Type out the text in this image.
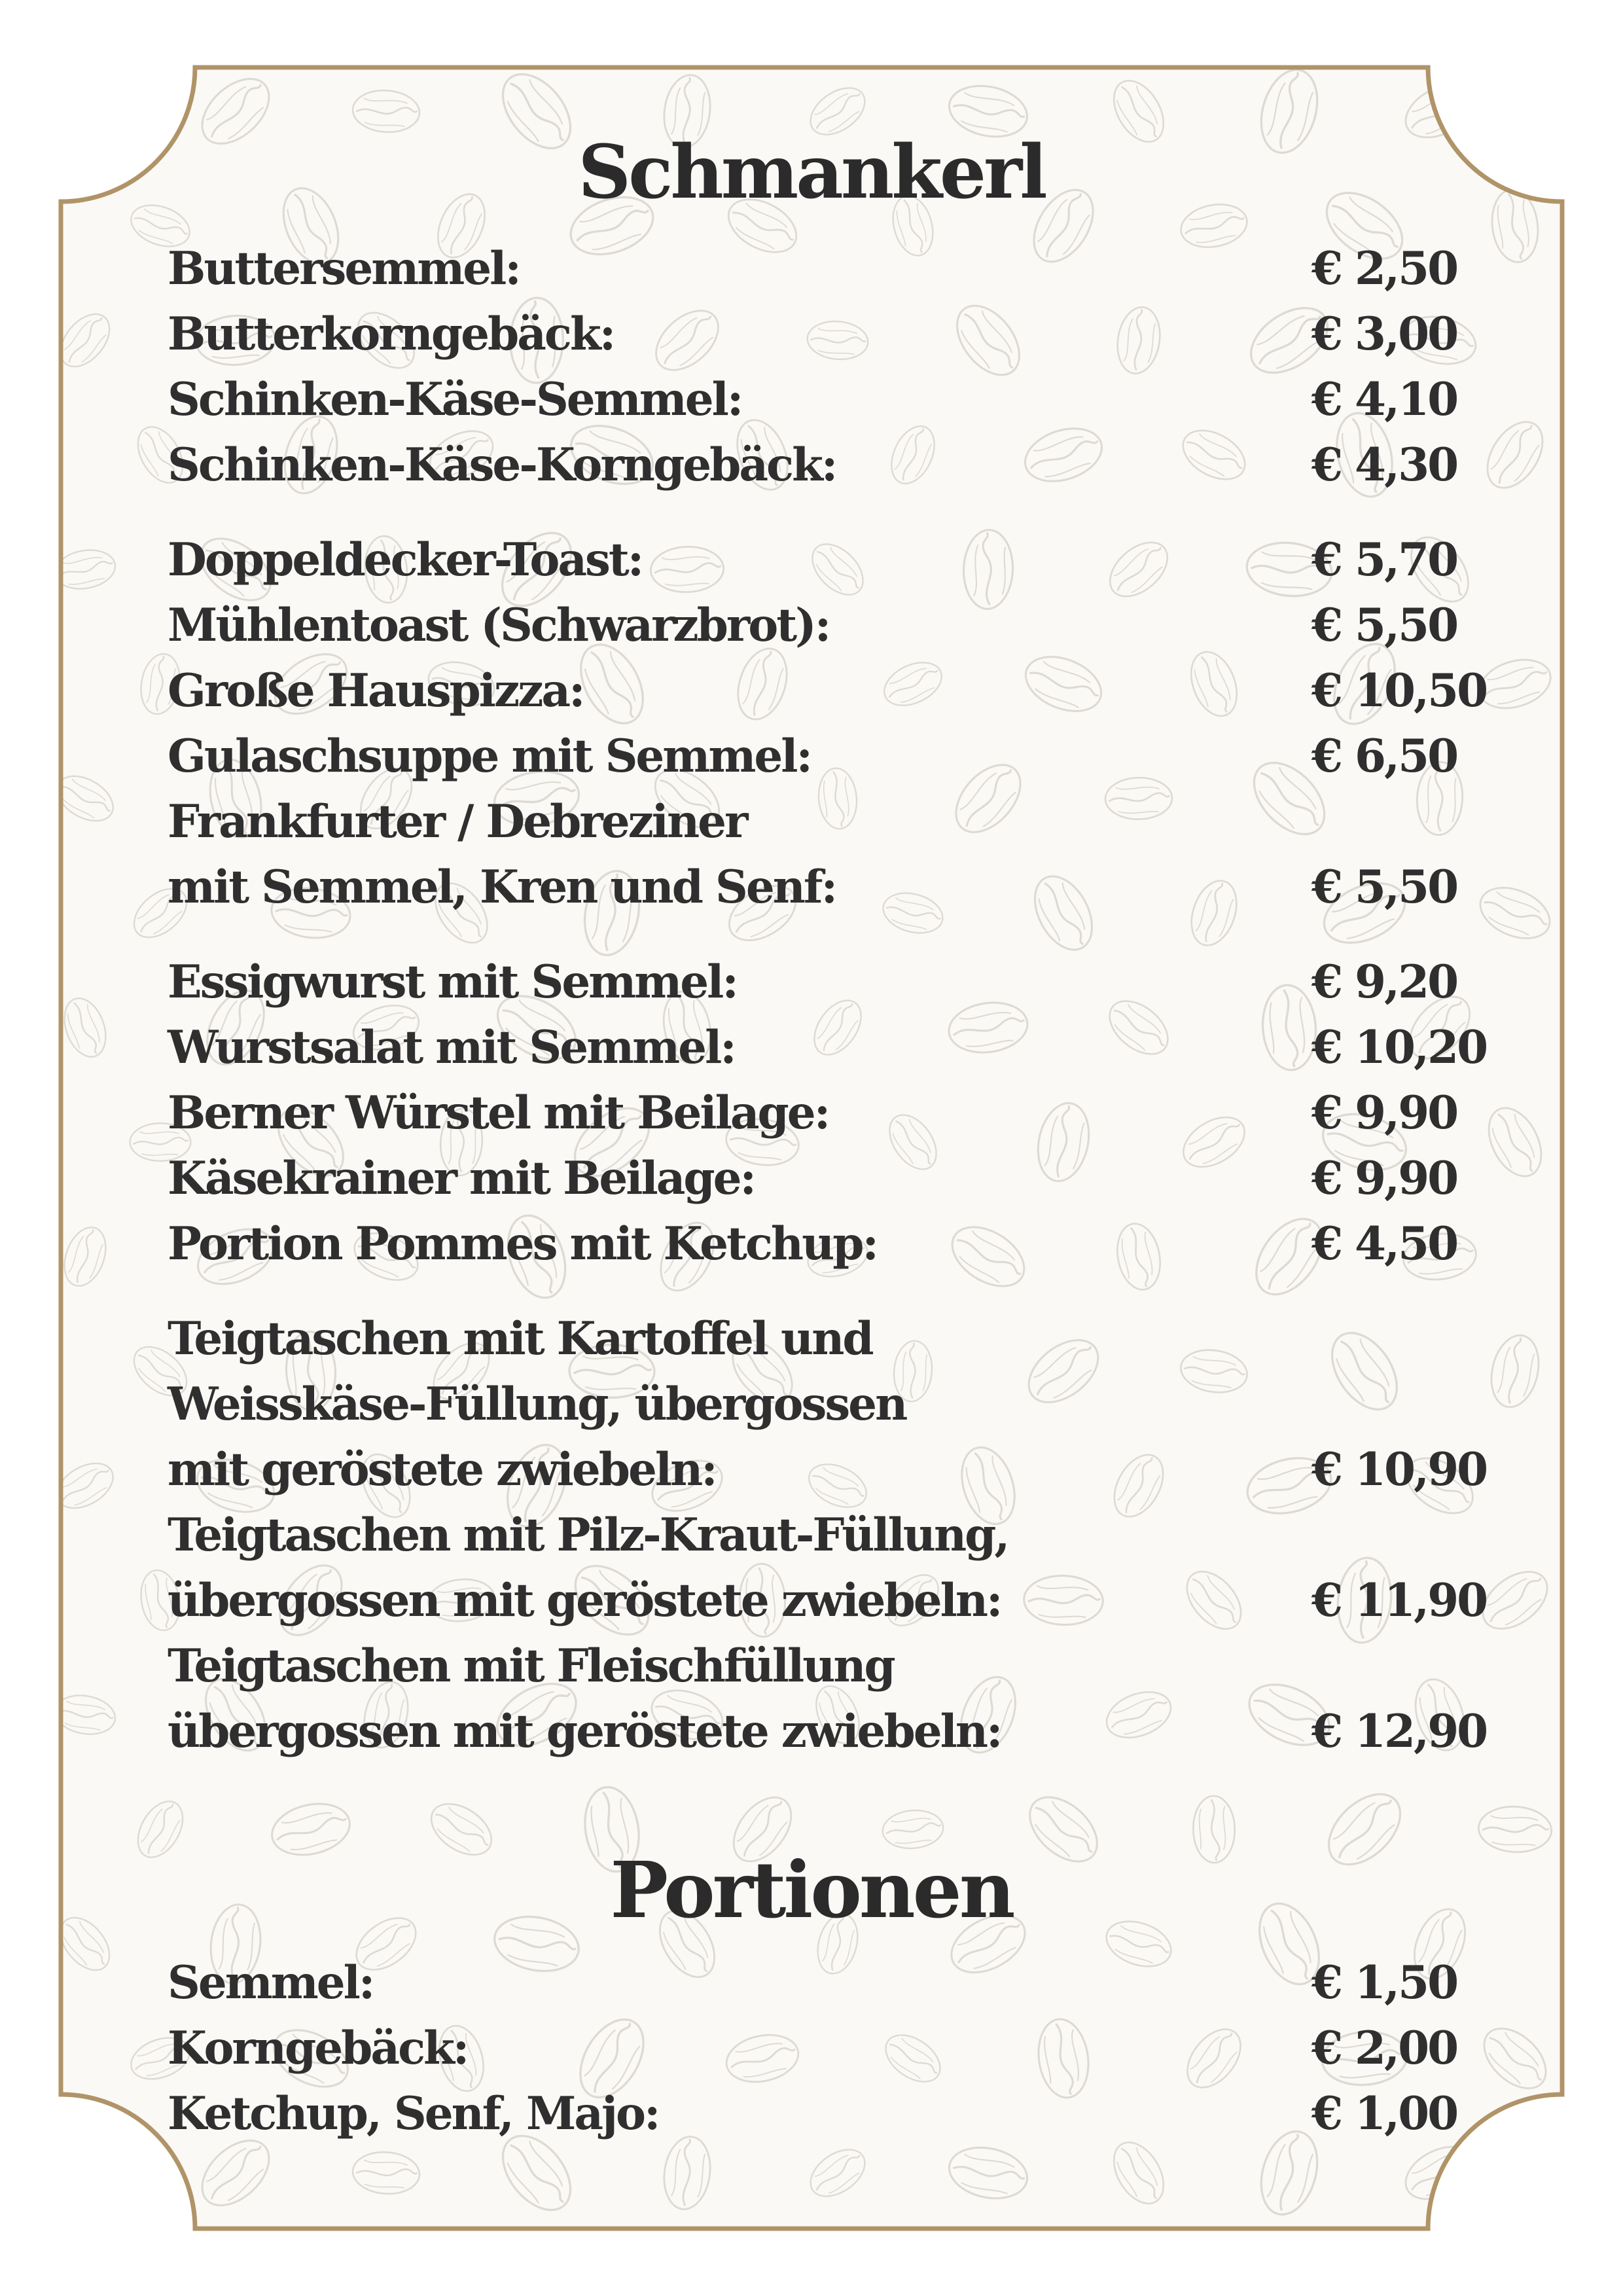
Schmankerl
Buttersemmel:	€ 2,50
Butterkorngebäck:	€ 3,00
Schinken-Käse-Semmel:	€ 4,10
Schinken-Käse-Korngebäck:	€ 4,30
Doppeldecker-Toast:	€ 5,70
Mühlentoast (Schwarzbrot):	€ 5,50
Große Hauspizza:	€ 10,50
Gulaschsuppe mit Semmel:	€ 6,50
Frankfurter / Debreziner
mit Semmel, Kren und Senf:	€ 5,50
Essigwurst mit Semmel:	€ 9,20
Wurstsalat mit Semmel:	€ 10,20
Berner Würstel mit Beilage:	€ 9,90
Käsekrainer mit Beilage:	€ 9,90
Portion Pommes mit Ketchup:	€ 4,50
Teigtaschen mit Kartoffel und
Weisskäse-Füllung, übergossen
mit geröstete zwiebeln:	€ 10,90
Teigtaschen mit Pilz-Kraut-Füllung,
übergossen mit geröstete zwiebeln:	€ 11,90
Teigtaschen mit Fleischfüllung
übergossen mit geröstete zwiebeln:	€ 12,90
Portionen
Semmel:	€ 1,50
Korngebäck:	€ 2,00
Ketchup, Senf, Majo:	€ 1,00
